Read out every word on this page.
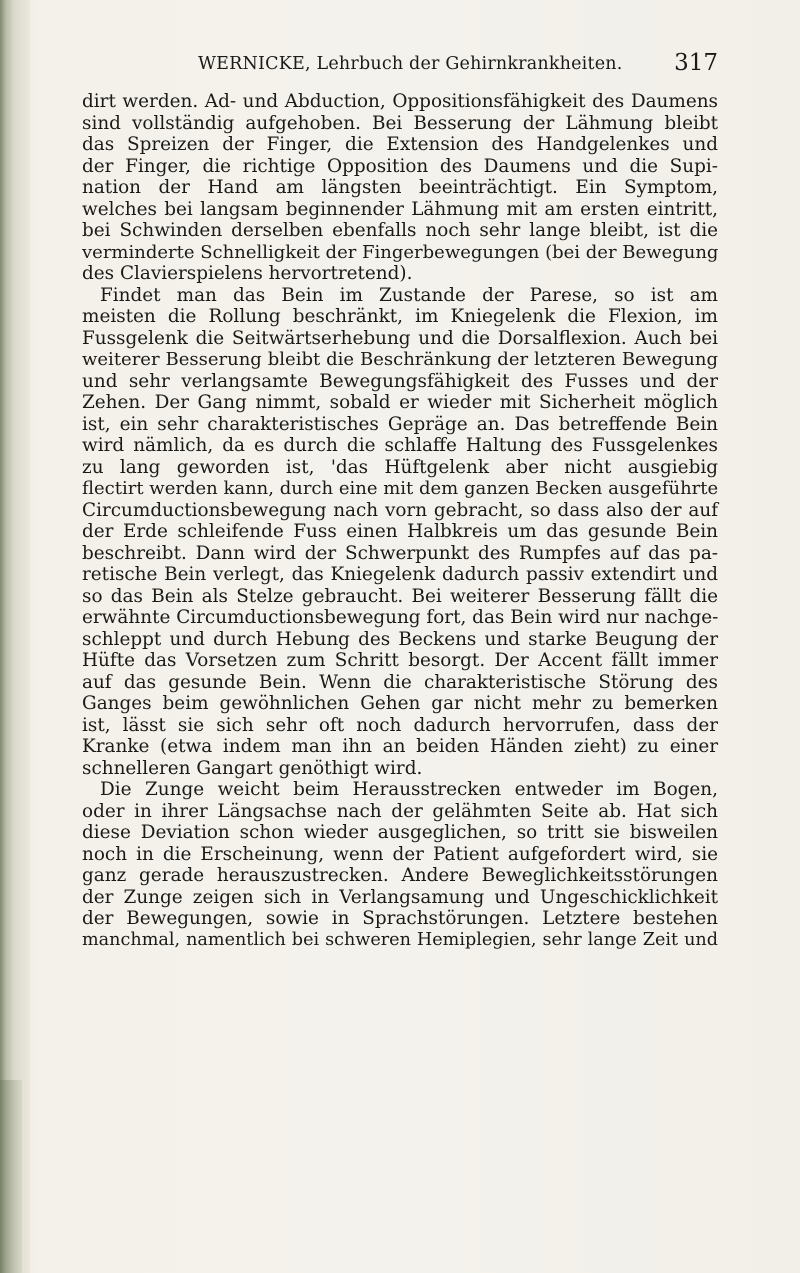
WERNICKE, Lehrbuch der Gehirnkrankheiten. 317
dirt werden. Ad- und Abduction, Oppositionsfähigkeit des Daumens
sind vollständig aufgehoben. Bei Besserung der Lähmung bleibt
das Spreizen der Finger, die Extension des Handgelenkes und
der Finger, die richtige Opposition des Daumens und die Supi-
nation der Hand am längsten beeinträchtigt. Ein Symptom,
welches bei langsam beginnender Lähmung mit am ersten eintritt,
bei Schwinden derselben ebenfalls noch sehr lange bleibt, ist die
verminderte Schnelligkeit der Fingerbewegungen (bei der Bewegung
des Clavierspielens hervortretend).
Findet man das Bein im Zustande der Parese, so ist am
meisten die Rollung beschränkt, im Kniegelenk die Flexion, im
Fussgelenk die Seitwärtserhebung und die Dorsalflexion. Auch bei
weiterer Besserung bleibt die Beschränkung der letzteren Bewegung
und sehr verlangsamte Bewegungsfähigkeit des Fusses und der
Zehen. Der Gang nimmt, sobald er wieder mit Sicherheit möglich
ist, ein sehr charakteristisches Gepräge an. Das betreffende Bein
wird nämlich, da es durch die schlaffe Haltung des Fussgelenkes
zu lang geworden ist, 'das Hüftgelenk aber nicht ausgiebig
flectirt werden kann, durch eine mit dem ganzen Becken ausgeführte
Circumductionsbewegung nach vorn gebracht, so dass also der auf
der Erde schleifende Fuss einen Halbkreis um das gesunde Bein
beschreibt. Dann wird der Schwerpunkt des Rumpfes auf das pa-
retische Bein verlegt, das Kniegelenk dadurch passiv extendirt und
so das Bein als Stelze gebraucht. Bei weiterer Besserung fällt die
erwähnte Circumductionsbewegung fort, das Bein wird nur nachge-
schleppt und durch Hebung des Beckens und starke Beugung der
Hüfte das Vorsetzen zum Schritt besorgt. Der Accent fällt immer
auf das gesunde Bein. Wenn die charakteristische Störung des
Ganges beim gewöhnlichen Gehen gar nicht mehr zu bemerken
ist, lässt sie sich sehr oft noch dadurch hervorrufen, dass der
Kranke (etwa indem man ihn an beiden Händen zieht) zu einer
schnelleren Gangart genöthigt wird.
Die Zunge weicht beim Herausstrecken entweder im Bogen,
oder in ihrer Längsachse nach der gelähmten Seite ab. Hat sich
diese Deviation schon wieder ausgeglichen, so tritt sie bisweilen
noch in die Erscheinung, wenn der Patient aufgefordert wird, sie
ganz gerade herauszustrecken. Andere Beweglichkeitsstörungen
der Zunge zeigen sich in Verlangsamung und Ungeschicklichkeit
der Bewegungen, sowie in Sprachstörungen. Letztere bestehen
manchmal, namentlich bei schweren Hemiplegien, sehr lange Zeit und
